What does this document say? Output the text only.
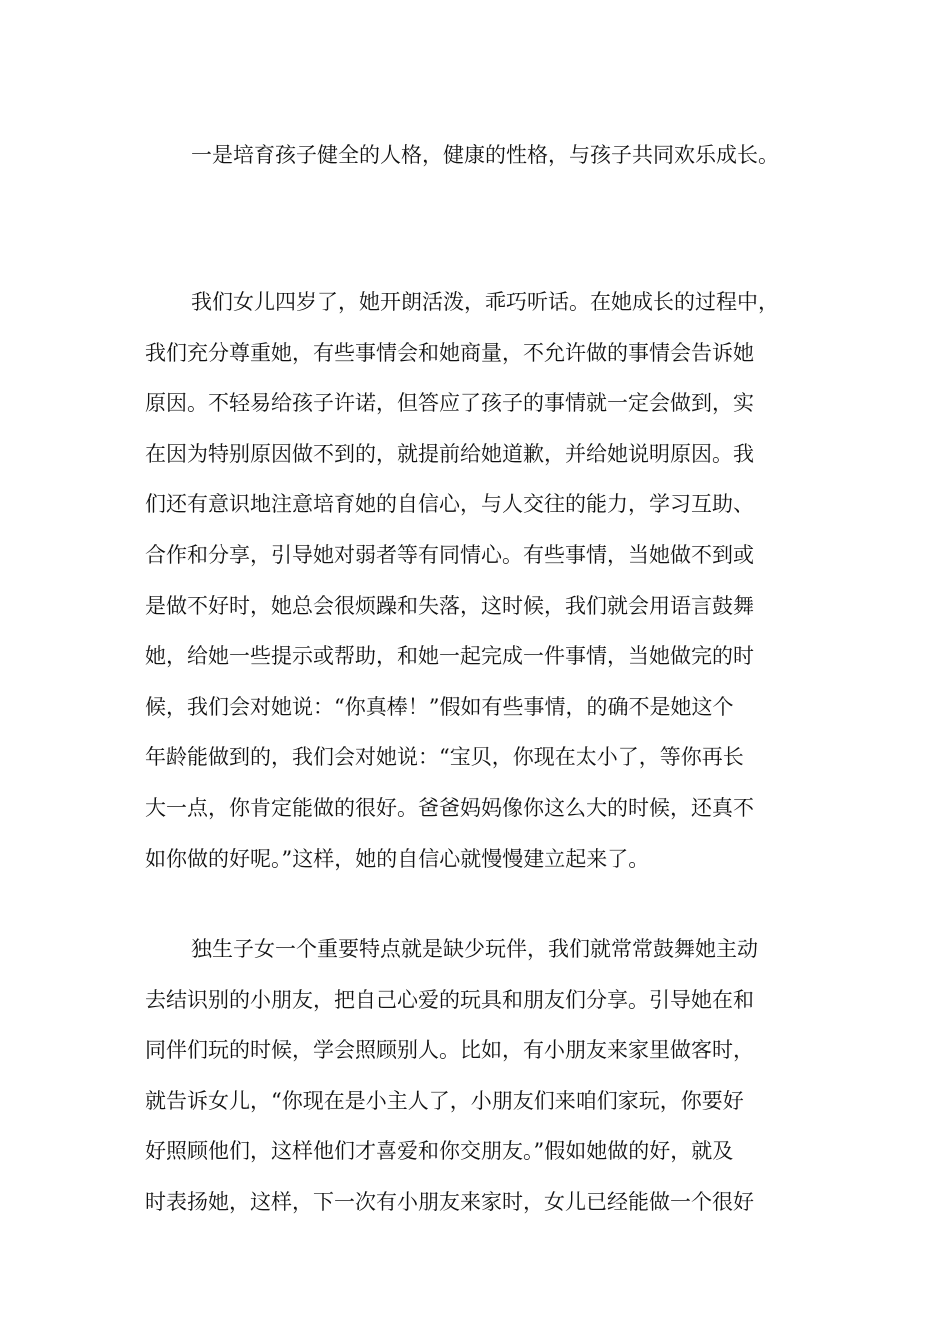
一是培育孩子健全的人格，健康的性格，与孩子共同欢乐成长。

我们女儿四岁了，她开朗活泼，乖巧听话。在她成长的过程中，
我们充分尊重她，有些事情会和她商量，不允许做的事情会告诉她
原因。不轻易给孩子许诺，但答应了孩子的事情就一定会做到，实
在因为特别原因做不到的，就提前给她道歉，并给她说明原因。我
们还有意识地注意培育她的自信心，与人交往的能力，学习互助、
合作和分享，引导她对弱者等有同情心。有些事情，当她做不到或
是做不好时，她总会很烦躁和失落，这时候，我们就会用语言鼓舞
她，给她一些提示或帮助，和她一起完成一件事情，当她做完的时
候，我们会对她说：“你真棒！”假如有些事情，的确不是她这个
年龄能做到的，我们会对她说：“宝贝，你现在太小了，等你再长
大一点，你肯定能做的很好。爸爸妈妈像你这么大的时候，还真不
如你做的好呢。”这样，她的自信心就慢慢建立起来了。

独生子女一个重要特点就是缺少玩伴，我们就常常鼓舞她主动
去结识别的小朋友，把自己心爱的玩具和朋友们分享。引导她在和
同伴们玩的时候，学会照顾别人。比如，有小朋友来家里做客时，
就告诉女儿，“你现在是小主人了，小朋友们来咱们家玩，你要好
好照顾他们，这样他们才喜爱和你交朋友。”假如她做的好，就及
时表扬她，这样，下一次有小朋友来家时，女儿已经能做一个很好
